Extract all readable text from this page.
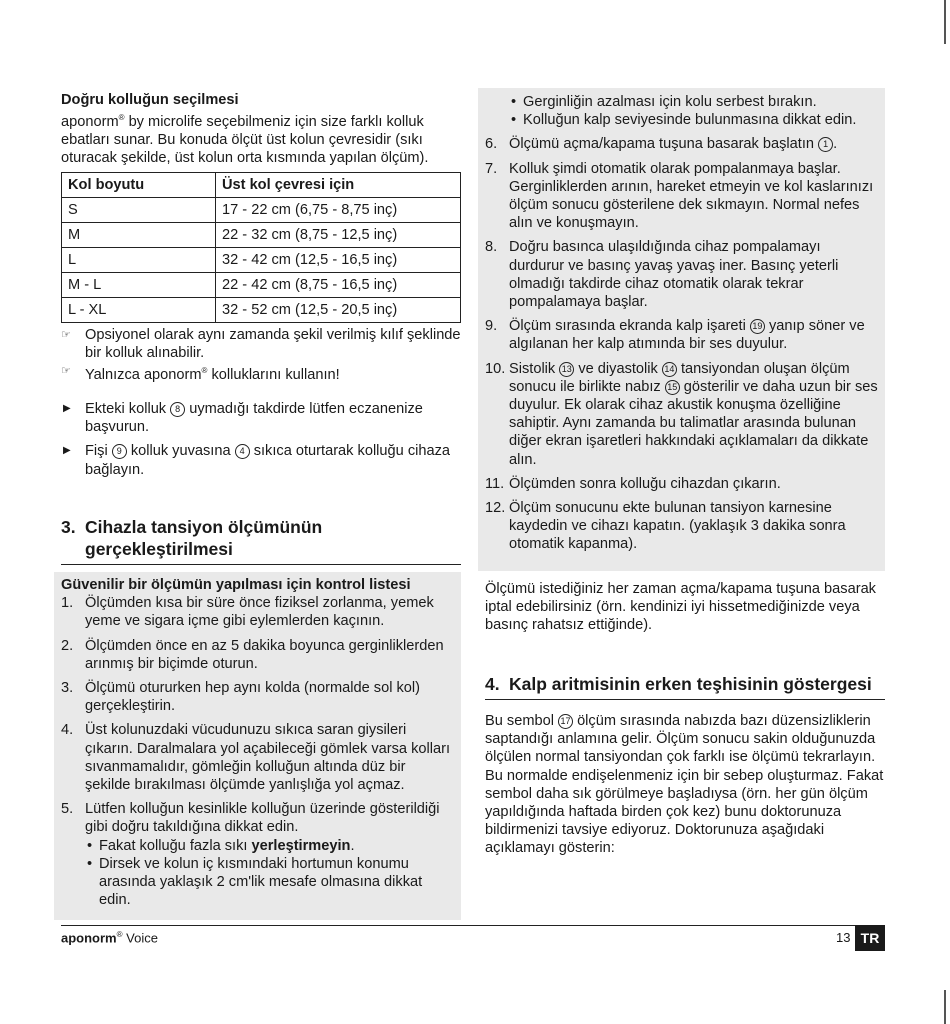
Doğru kolluğun seçilmesi
aponorm® by microlife seçebilmeniz için size farklı kolluk ebatları sunar. Bu konuda ölçüt üst kolun çevresidir (sıkı oturacak şekilde, üst kolun orta kısmında yapılan ölçüm).
Kol boyutu	Üst kol çevresi için
S	17 - 22 cm (6,75 - 8,75 inç)
M	22 - 32 cm (8,75 - 12,5 inç)
L	32 - 42 cm (12,5 - 16,5 inç)
M - L	22 - 42 cm (8,75 - 16,5 inç)
L - XL	32 - 52 cm (12,5 - 20,5 inç)
☞ Opsiyonel olarak aynı zamanda şekil verilmiş kılıf şeklinde bir kolluk alınabilir.
☞ Yalnızca aponorm® kolluklarını kullanın!
▶ Ekteki kolluk 8 uymadığı takdirde lütfen eczanenize başvurun.
▶ Fişi 9 kolluk yuvasına 4 sıkıca oturtarak kolluğu cihaza bağlayın.
3. Cihazla tansiyon ölçümünün gerçekleştirilmesi
Güvenilir bir ölçümün yapılması için kontrol listesi
1. Ölçümden kısa bir süre önce fiziksel zorlanma, yemek yeme ve sigara içme gibi eylemlerden kaçının.
2. Ölçümden önce en az 5 dakika boyunca gerginliklerden arınmış bir biçimde oturun.
3. Ölçümü otururken hep aynı kolda (normalde sol kol) gerçekleştirin.
4. Üst kolunuzdaki vücudunuzu sıkıca saran giysileri çıkarın. Daralmalara yol açabileceği gömlek varsa kolları sıvanmamalıdır, gömleğin kolluğun altında düz bir şekilde bırakılması ölçümde yanlışlığa yol açmaz.
5. Lütfen kolluğun kesinlikle kolluğun üzerinde gösterildiği gibi doğru takıldığına dikkat edin.
• Fakat kolluğu fazla sıkı yerleştirmeyin.
• Dirsek ve kolun iç kısmındaki hortumun konumu arasında yaklaşık 2 cm'lik mesafe olmasına dikkat edin.
• Gerginliğin azalması için kolu serbest bırakın.
• Kolluğun kalp seviyesinde bulunmasına dikkat edin.
6. Ölçümü açma/kapama tuşuna basarak başlatın 1 .
7. Kolluk şimdi otomatik olarak pompalanmaya başlar. Gerginliklerden arının, hareket etmeyin ve kol kaslarınızı ölçüm sonucu gösterilene dek sıkmayın. Normal nefes alın ve konuşmayın.
8. Doğru basınca ulaşıldığında cihaz pompalamayı durdurur ve basınç yavaş yavaş iner. Basınç yeterli olmadığı takdirde cihaz otomatik olarak tekrar pompalamaya başlar.
9. Ölçüm sırasında ekranda kalp işareti 19 yanıp söner ve algılanan her kalp atımında bir ses duyulur.
10. Sistolik 13 ve diyastolik 14 tansiyondan oluşan ölçüm sonucu ile birlikte nabız 15 gösterilir ve daha uzun bir ses duyulur. Ek olarak cihaz akustik konuşma özelliğine sahiptir. Aynı zamanda bu talimatlar arasında bulunan diğer ekran işaretleri hakkındaki açıklamaları da dikkate alın.
11. Ölçümden sonra kolluğu cihazdan çıkarın.
12. Ölçüm sonucunu ekte bulunan tansiyon karnesine kaydedin ve cihazı kapatın. (yaklaşık 3 dakika sonra otomatik kapanma).
Ölçümü istediğiniz her zaman açma/kapama tuşuna basarak iptal edebilirsiniz (örn. kendinizi iyi hissetmediğinizde veya basınç rahatsız ettiğinde).
4. Kalp aritmisinin erken teşhisinin göstergesi
Bu sembol 17 ölçüm sırasında nabızda bazı düzensizliklerin saptandığı anlamına gelir. Ölçüm sonucu sakin olduğunuzda ölçülen normal tansiyondan çok farklı ise ölçümü tekrarlayın. Bu normalde endişelenmeniz için bir sebep oluşturmaz. Fakat sembol daha sık görülmeye başladıysa (örn. her gün ölçüm yapıldığında haftada birden çok kez) bunu doktorunuza bildirmenizi tavsiye ediyoruz. Doktorunuza aşağıdaki açıklamayı gösterin:
aponorm® Voice	13 TR
